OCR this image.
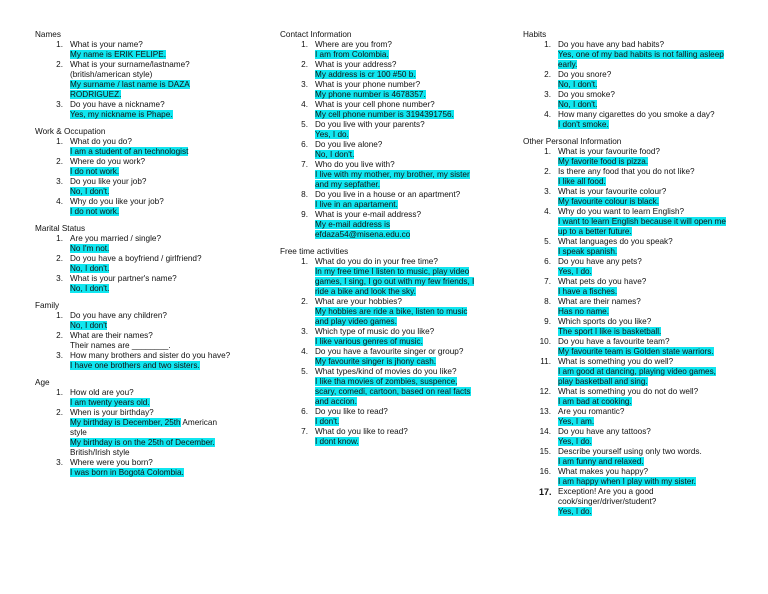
Names
1. What is your name?
My name is ERIK FELIPE.
2. What is your surname/lastname? (british/american style)
My surname / last name is DAZA RODRIGUEZ.
3. Do you have a nickname?
Yes, my nickname is Phape.
Work & Occupation
1. What do you do?
I am a student of an technologist
2. Where do you work?
I do not work.
3. Do you like your job?
No, I don't.
4. Why do you like your job?
I do not work.
Marital Status
1. Are you married / single?
No I'm not.
2. Do you have a boyfriend / girlfriend?
No, I don't.
3. What is your partner's name?
No, I don't.
Family
1. Do you have any children?
No, I don't
2. What are their names?
Their names are ________.
3. How many brothers and sister do you have?
I have one brothers and two sisters.
Age
1. How old are you?
I am twenty years old.
2. When is your birthday?
My birthday is December, 25th American style
My birthday is on the 25th of December.
British/Irish style
3. Where were you born?
I was born in Bogotá Colombia.
Contact Information
1. Where are you from?
I am from Colombia.
2. What is your address?
My address is cr 100 #50 b.
3. What is your phone number?
My phone number is 4678357.
4. What is your cell phone number?
My cell phone number is 3194391756.
5. Do you live with your parents?
Yes, I do.
6. Do you live alone?
No, I don't.
7. Who do you live with?
I live with my mother, my brother, my sister and my sepfather.
8. Do you live in a house or an apartment?
I live in an apartament.
9. What is your e-mail address?
My e-mail address is efdaza54@misena.edu.co
Free time activities
1. What do you do in your free time?
In my free time I listen to music, play video games, I sing, I go out with my few friends, I ride a bike and look the sky.
2. What are your hobbies?
My hobbies are ride a bike, listen to music and play video games.
3. Which type of music do you like?
I like various genres of music.
4. Do you have a favourite singer or group?
My favourite singer is jhony cash.
5. What types/kind of movies do you like?
I like tha movies of zombies, suspence, scary, comedi, cartoon, based on real facts and accion.
6. Do you like to read?
I don't.
7. What do you like to read?
I dont know.
Habits
1. Do you have any bad habits?
Yes, one of my bad habits is not falling asleep early.
2. Do you snore?
No, I don't.
3. Do you smoke?
No, I don't.
4. How many cigarettes do you smoke a day?
I don't smoke.
Other Personal Information
1. What is your favourite food?
My favorite food is pizza.
2. Is there any food that you do not like?
I like all food.
3. What is your favourite colour?
My favourite colour is black.
4. Why do you want to learn English?
I want to learn English because it will open me up to a better future.
5. What languages do you speak?
I speak spanish.
6. Do you have any pets?
Yes, I do.
7. What pets do you have?
I have a fisches.
8. What are their names?
Has no name.
9. Which sports do you like?
The sport I like is basketball.
10. Do you have a favourite team?
My favourite team is Golden state warriors.
11. What is something you do well?
I am good at dancing, playing video games, play basketball and sing.
12. What is something you do not do well?
I am bad at cooking.
13. Are you romantic?
Yes, I am.
14. Do you have any tattoos?
Yes, I do.
15. Describe yourself using only two words.
I am funny and relaxed.
16. What makes you happy?
I am happy when I play with my sister.
17. Exception! Are you a good cook/singer/driver/student?
Yes, I do.
